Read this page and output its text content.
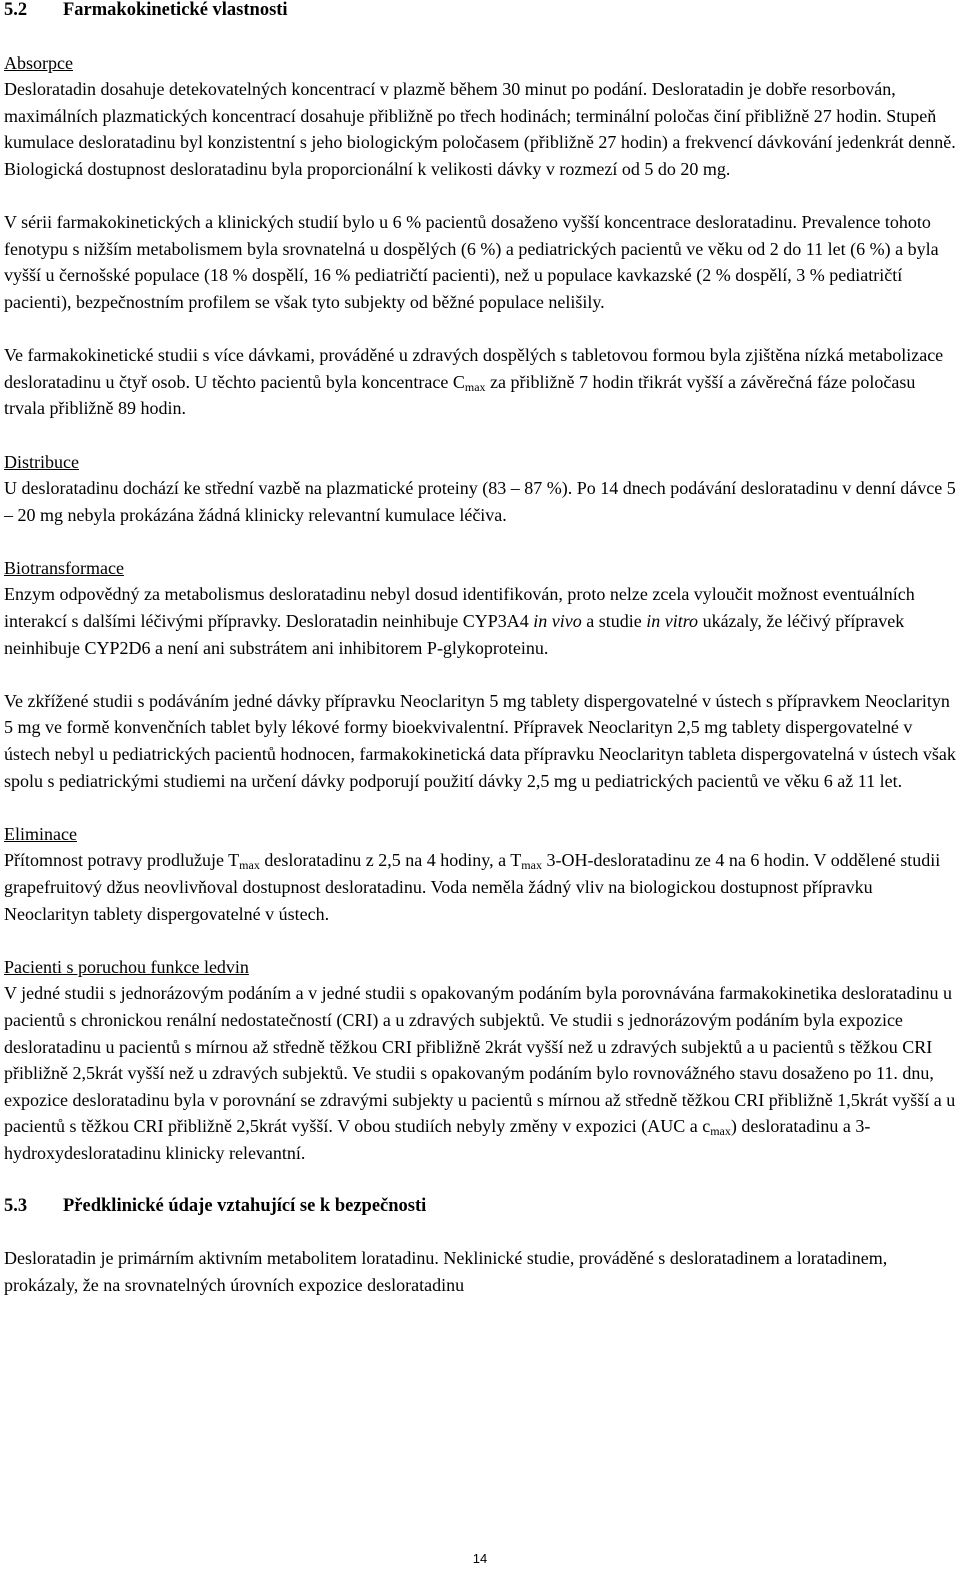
5.2	Farmakokinetické vlastnosti

Absorpce

Desloratadin dosahuje detekovatelných koncentrací v plazmě během 30 minut po podání. Desloratadin je dobře resorbován, maximálních plazmatických koncentrací dosahuje přibližně po třech hodinách; terminální poločas činí přibližně 27 hodin. Stupeň kumulace desloratadinu byl konzistentní s jeho biologickým poločasem (přibližně 27 hodin) a frekvencí dávkování jedenkrát denně. Biologická dostupnost desloratadinu byla proporcionální k velikosti dávky v rozmezí od 5 do 20 mg.

V sérii farmakokinetických a klinických studií bylo u 6 % pacientů dosaženo vyšší koncentrace desloratadinu. Prevalence tohoto fenotypu s nižším metabolismem byla srovnatelná u dospělých (6 %) a pediatrických pacientů ve věku od 2 do 11 let (6 %) a byla vyšší u černošské populace (18 % dospělí, 16 % pediatričtí pacienti), než u populace kavkazské (2 % dospělí, 3 % pediatričtí pacienti), bezpečnostním profilem se však tyto subjekty od běžné populace nelišily.

Ve farmakokinetické studii s více dávkami, prováděné u zdravých dospělých s tabletovou formou byla zjištěna nízká metabolizace desloratadinu u čtyř osob. U těchto pacientů byla koncentrace $C_{max}$ za přibližně 7 hodin třikrát vyšší a závěrečná fáze poločasu trvala přibližně 89 hodin.

Distribuce

U desloratadinu dochází ke střední vazbě na plazmatické proteiny (83 – 87 %). Po 14 dnech podávání desloratadinu v denní dávce 5 – 20 mg nebyla prokázána žádná klinicky relevantní kumulace léčiva.

Biotransformace

Enzym odpovědný za metabolismus desloratadinu nebyl dosud identifikován, proto nelze zcela vyloučit možnost eventuálních interakcí s dalšími léčivými přípravky. Desloratadin neinhibuje CYP3A4 in vivo a studie in vitro ukázaly, že léčivý přípravek neinhibuje CYP2D6 a není ani substrátem ani inhibitorem P-glykoproteinu.

Ve zkřížené studii s podáváním jedné dávky přípravku Neoclarityn 5 mg tablety dispergovatelné v ústech s přípravkem Neoclarityn 5 mg ve formě konvenčních tablet byly lékové formy bioekvivalentní. Přípravek Neoclarityn 2,5 mg tablety dispergovatelné v ústech nebyl u pediatrických pacientů hodnocen, farmakokinetická data přípravku Neoclarityn tableta dispergovatelná v ústech však spolu s pediatrickými studiemi na určení dávky podporují použití dávky 2,5 mg u pediatrických pacientů ve věku 6 až 11 let.

Eliminace

Přítomnost potravy prodlužuje $T_{max}$ desloratadinu z 2,5 na 4 hodiny, a $T_{max}$ 3-OH-desloratadinu ze 4 na 6 hodin. V oddělené studii grapefruitový džus neovlivňoval dostupnost desloratadinu. Voda neměla žádný vliv na biologickou dostupnost přípravku Neoclarityn tablety dispergovatelné v ústech.

Pacienti s poruchou funkce ledvin

V jedné studii s jednorázovým podáním a v jedné studii s opakovaným podáním byla porovnávána farmakokinetika desloratadinu u pacientů s chronickou renální nedostatečností (CRI) a u zdravých subjektů. Ve studii s jednorázovým podáním byla expozice desloratadinu u pacientů s mírnou až středně těžkou CRI přibližně 2krát vyšší než u zdravých subjektů a u pacientů s těžkou CRI přibližně 2,5krát vyšší než u zdravých subjektů. Ve studii s opakovaným podáním bylo rovnovážného stavu dosaženo po 11. dnu, expozice desloratadinu byla v porovnání se zdravými subjekty u pacientů s mírnou až středně těžkou CRI přibližně 1,5krát vyšší a u pacientů s těžkou CRI přibližně 2,5krát vyšší. V obou studiích nebyly změny v expozici (AUC a $c_{max}$) desloratadinu a 3-hydroxydesloratadinu klinicky relevantní.

5.3	Předklinické údaje vztahující se k bezpečnosti

Desloratadin je primárním aktivním metabolitem loratadinu. Neklinické studie, prováděné s desloratadinem a loratadinem, prokázaly, že na srovnatelných úrovních expozice desloratadinu

14
